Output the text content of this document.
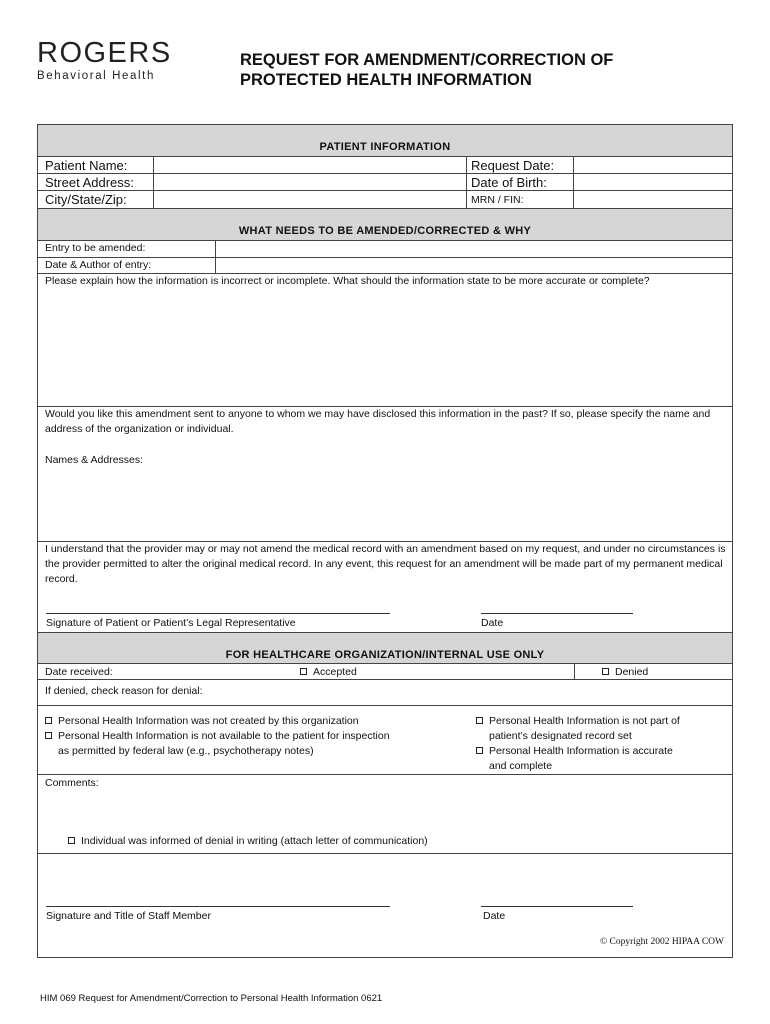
ROGERS
Behavioral Health
REQUEST FOR AMENDMENT/CORRECTION OF
PROTECTED HEALTH INFORMATION
PATIENT INFORMATION
Patient Name:
Street Address:
City/State/Zip:
Request Date:
Date of Birth:
MRN / FIN:
WHAT NEEDS TO BE AMENDED/CORRECTED & WHY
Entry to be amended:
Date & Author of entry:
Please explain how the information is incorrect or incomplete. What should the information state to be more accurate or complete?
Would you like this amendment sent to anyone to whom we may have disclosed this information in the past? If so, please specify the name and address of the organization or individual.
Names & Addresses:
I understand that the provider may or may not amend the medical record with an amendment based on my request, and under no circumstances is the provider permitted to alter the original medical record. In any event, this request for an amendment will be made part of my permanent medical record.
Signature of Patient or Patient’s Legal Representative	Date
FOR HEALTHCARE ORGANIZATION/INTERNAL USE ONLY
Date received:	Accepted	Denied
If denied, check reason for denial:
Personal Health Information was not created by this organization
Personal Health Information is not available to the patient for inspection
as permitted by federal law (e.g., psychotherapy notes)
Personal Health Information is not part of
patient’s designated record set
Personal Health Information is accurate
and complete
Comments:
Individual was informed of denial in writing (attach letter of communication)
Signature and Title of Staff Member	Date
© Copyright 2002 HIPAA COW
HIM 069 Request for Amendment/Correction to Personal Health Information 0621
